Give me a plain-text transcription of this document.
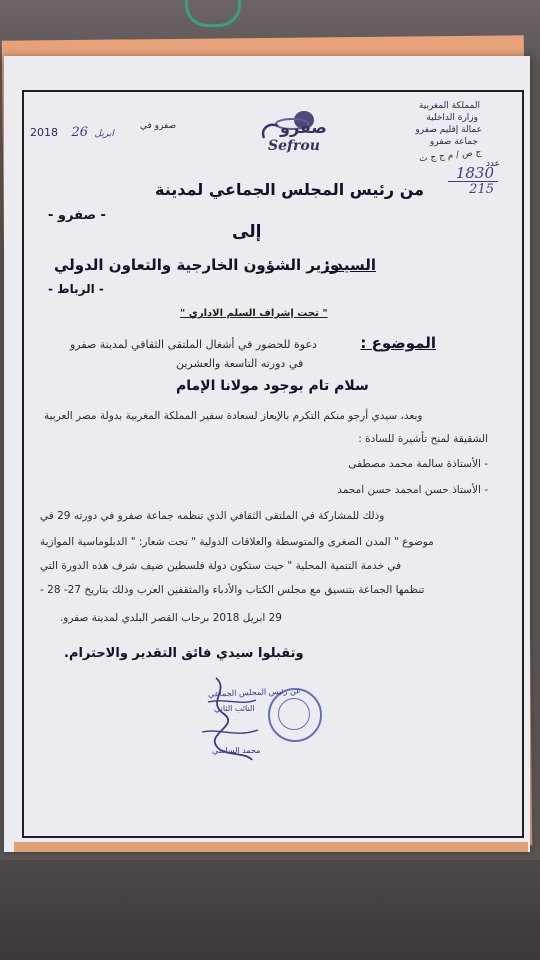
المملكة المغربية
وزارة الداخلية
عمالة إقليم صفرو
جماعة صفرو
ج ص / م ج ج ت عدد
1830
215
صفرو
Sefrou
2018	ابريل 26	صفرو في
من رئيس المجلس الجماعي لمدينة
- صفرو -
إلى
السيد :
وزير الشؤون الخارجية والتعاون الدولي
- الرباط -
" تحت إشراف السلم الاداري "
الموضوع :
دعوة للحضور في أشغال الملتقى الثقافي لمدينة صفرو
في دورته التاسعة والعشرين
سلام تام بوجود مولانا الإمام
وبعد، سيدي أرجو منكم التكرم بالإيعاز لسعادة سفير المملكة المغربية بدولة مصر العربية
الشقيقة لمنح تأشيرة للسادة :
- الأستاذة سالمة محمد مصطفى
- الأستاذ حسن امحمد حسن امحمد
وذلك للمشاركة في الملتقى الثقافي الذي تنظمه جماعة صفرو في دورته 29 في
موضوع " المدن الصغرى والمتوسطة والعلاقات الدولية " تحت شعار: " الدبلوماسية الموازية
في خدمة التنمية المحلية " حيث ستكون دولة فلسطين ضيف شرف هذه الدورة التي
تنظمها الجماعة بتنسيق مع مجلس الكتاب والأدباء والمثقفين العرب وذلك بتاريخ 27- 28 -
29 ابريل 2018 برحاب القصر البلدي لمدينة صفرو.
وتقبلوا سيدي فائق التقدير والاحترام.
عن رئيس المجلس الجماعي
النائب الثاني
محمد الساسي
